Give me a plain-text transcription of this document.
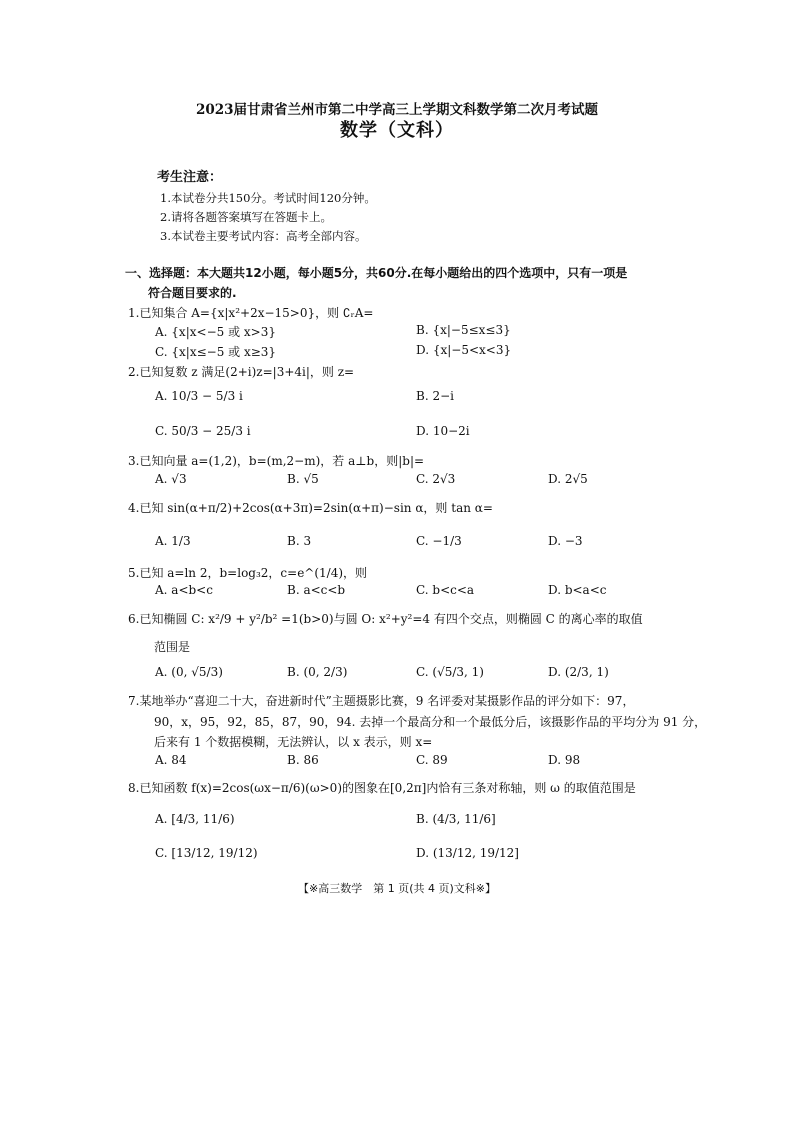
2023届甘肃省兰州市第二中学高三上学期文科数学第二次月考试题
数学（文科）
考生注意：
1.本试卷分共150分。考试时间120分钟。
2.请将各题答案填写在答题卡上。
3.本试卷主要考试内容：高考全部内容。
一、选择题：本大题共12小题，每小题5分，共60分.在每小题给出的四个选项中，只有一项是
符合题目要求的.
1.已知集合 A={x|x²+2x−15>0}，则 ∁ᵣA=
A. {x|x<−5 或 x>3}	B. {x|−5≤x≤3}
C. {x|x≤−5 或 x≥3}	D. {x|−5<x<3}
2.已知复数 z 满足(2+i)z=|3+4i|，则 z=
A. 10/3 − 5/3 i	B. 2−i
C. 50/3 − 25/3 i	D. 10−2i
3.已知向量 a=(1,2)，b=(m,2−m)，若 a⊥b，则|b|=
A. √3	B. √5	C. 2√3	D. 2√5
4.已知 sin(α+π/2)+2cos(α+3π)=2sin(α+π)−sin α，则 tan α=
A. 1/3	B. 3	C. −1/3	D. −3
5.已知 a=ln 2，b=log₃2，c=e^(1/4)，则
A. a<b<c	B. a<c<b	C. b<c<a	D. b<a<c
6.已知椭圆 C: x²/9 + y²/b² =1(b>0)与圆 O: x²+y²=4 有四个交点，则椭圆 C 的离心率的取值
范围是
A. (0, √5/3)	B. (0, 2/3)	C. (√5/3, 1)	D. (2/3, 1)
7.某地举办“喜迎二十大，奋进新时代”主题摄影比赛，9 名评委对某摄影作品的评分如下：97，
90，x，95，92，85，87，90，94. 去掉一个最高分和一个最低分后，该摄影作品的平均分为 91 分，
后来有 1 个数据模糊，无法辨认，以 x 表示，则 x=
A. 84	B. 86	C. 89	D. 98
8.已知函数 f(x)=2cos(ωx−π/6)(ω>0)的图象在[0,2π]内恰有三条对称轴，则 ω 的取值范围是
A. [4/3, 11/6)	B. (4/3, 11/6]
C. [13/12, 19/12)	D. (13/12, 19/12]
【※高三数学　第 1 页(共 4 页)文科※】
